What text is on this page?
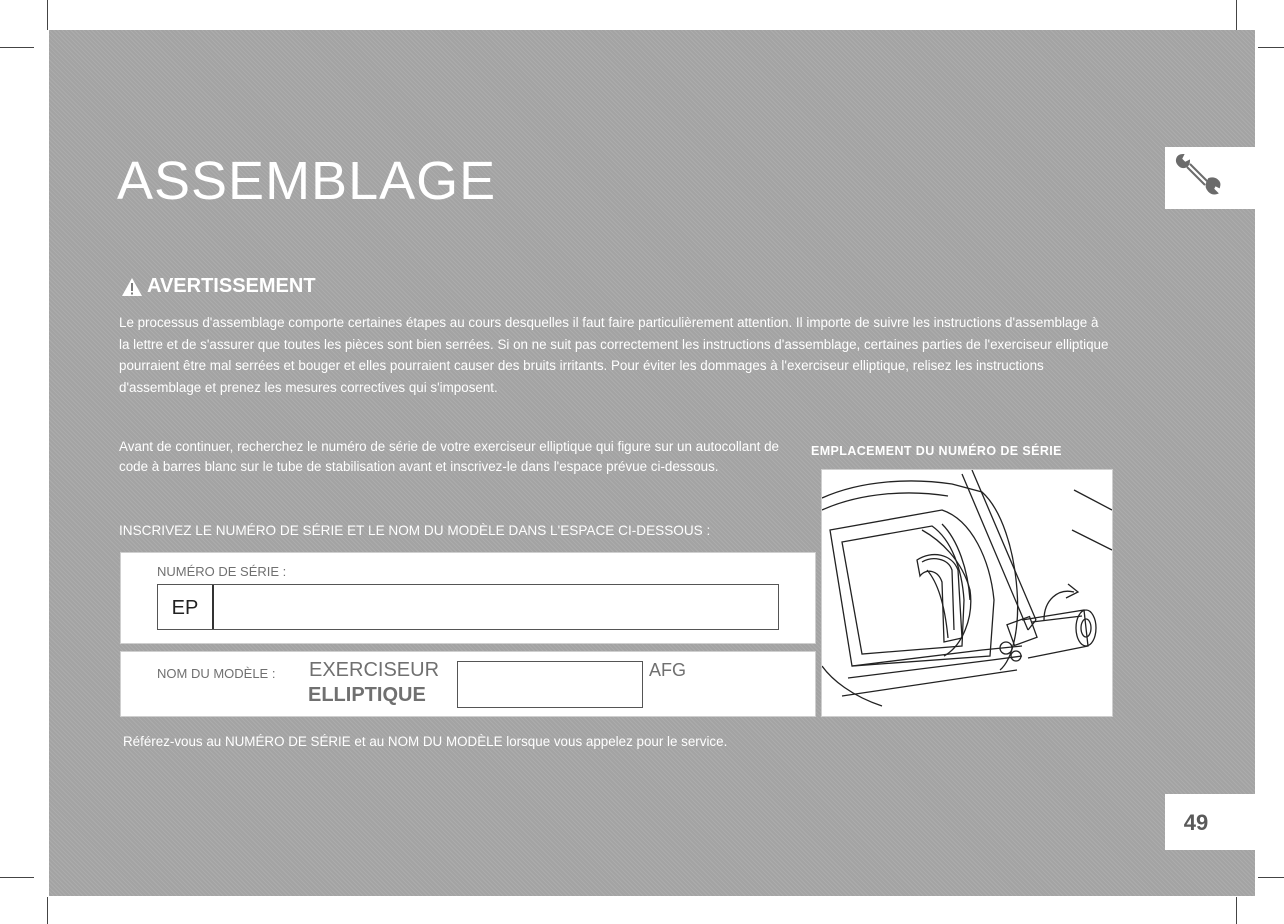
ASSEMBLAGE
AVERTISSEMENT

Le processus d'assemblage comporte certaines étapes au cours desquelles il faut faire particulièrement attention. Il importe de suivre les instructions d'assemblage à la lettre et de s'assurer que toutes les pièces sont bien serrées. Si on ne suit pas correctement les instructions d'assemblage, certaines parties de l'exerciseur elliptique pourraient être mal serrées et bouger et elles pourraient causer des bruits irritants. Pour éviter les dommages à l'exerciseur elliptique, relisez les instructions d'assemblage et prenez les mesures correctives qui s'imposent.

Avant de continuer, recherchez le numéro de série de votre exerciseur elliptique qui figure sur un autocollant de code à barres blanc sur le tube de stabilisation avant et inscrivez-le dans l'espace prévue ci-dessous.

INSCRIVEZ LE NUMÉRO DE SÉRIE ET LE NOM DU MODÈLE DANS L'ESPACE CI-DESSOUS :
NUMÉRO DE SÉRIE :
EP
NOM DU MODÈLE : EXERCISEUR
ELLIPTIQUE
AFG
EMPLACEMENT DU NUMÉRO DE SÉRIE
Référez-vous au NUMÉRO DE SÉRIE et au NOM DU MODÈLE lorsque vous appelez pour le service.
49
